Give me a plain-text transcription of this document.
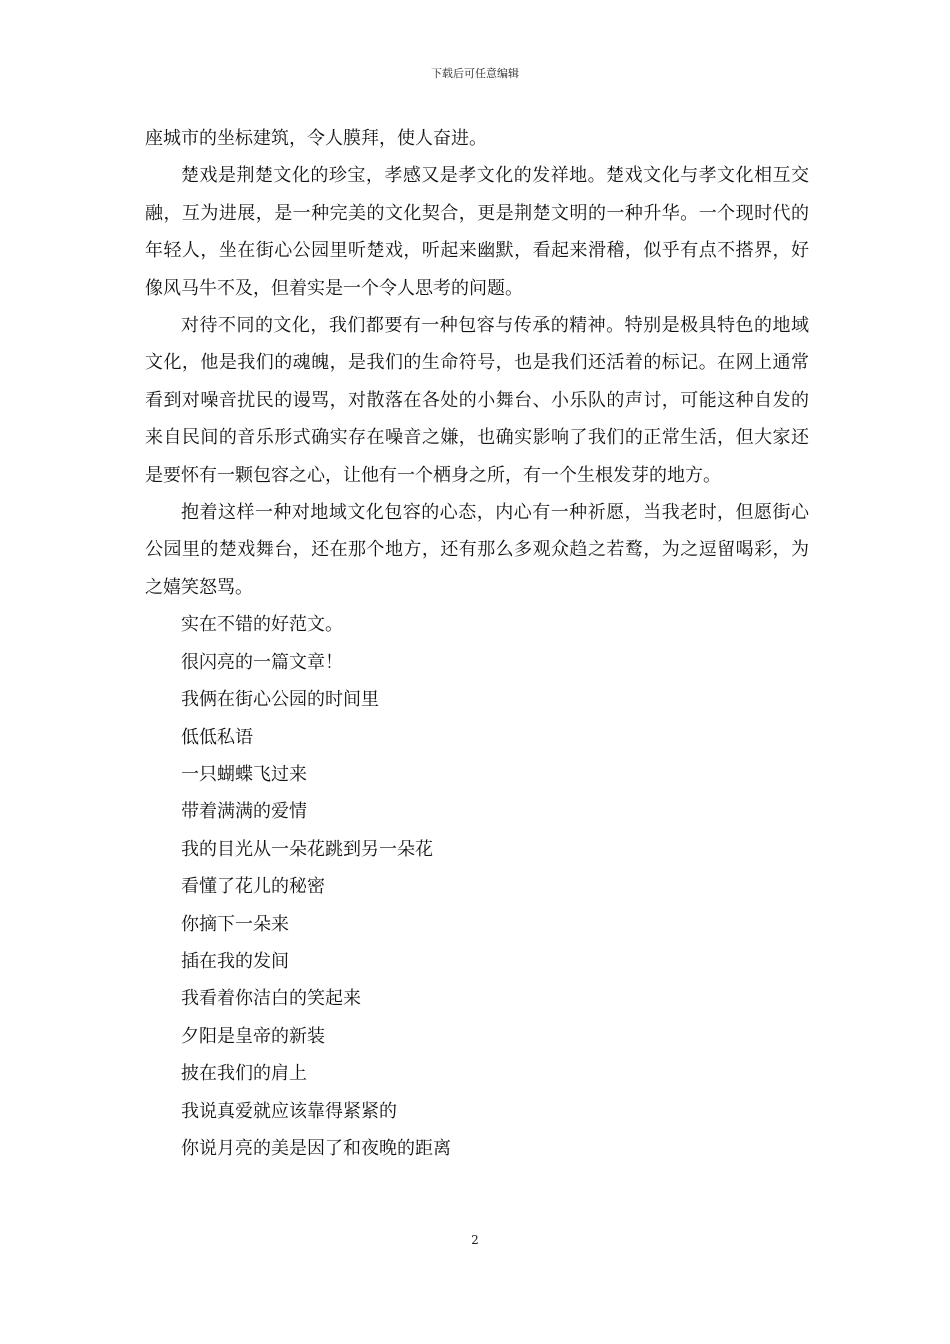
下载后可任意编辑

座城市的坐标建筑，令人膜拜，使人奋进。

楚戏是荆楚文化的珍宝，孝感又是孝文化的发祥地。楚戏文化与孝文化相互交融，互为进展，是一种完美的文化契合，更是荆楚文明的一种升华。一个现时代的年轻人，坐在街心公园里听楚戏，听起来幽默，看起来滑稽，似乎有点不搭界，好像风马牛不及，但着实是一个令人思考的问题。

对待不同的文化，我们都要有一种包容与传承的精神。特别是极具特色的地域文化，他是我们的魂魄，是我们的生命符号，也是我们还活着的标记。在网上通常看到对噪音扰民的谩骂，对散落在各处的小舞台、小乐队的声讨，可能这种自发的来自民间的音乐形式确实存在噪音之嫌，也确实影响了我们的正常生活，但大家还是要怀有一颗包容之心，让他有一个栖身之所，有一个生根发芽的地方。

抱着这样一种对地域文化包容的心态，内心有一种祈愿，当我老时，但愿街心公园里的楚戏舞台，还在那个地方，还有那么多观众趋之若鹜，为之逗留喝彩，为之嬉笑怒骂。

实在不错的好范文。

很闪亮的一篇文章！

我俩在街心公园的时间里

低低私语

一只蝴蝶飞过来

带着满满的爱情

我的目光从一朵花跳到另一朵花

看懂了花儿的秘密

你摘下一朵来

插在我的发间

我看着你洁白的笑起来

夕阳是皇帝的新装

披在我们的肩上

我说真爱就应该靠得紧紧的

你说月亮的美是因了和夜晚的距离

2
